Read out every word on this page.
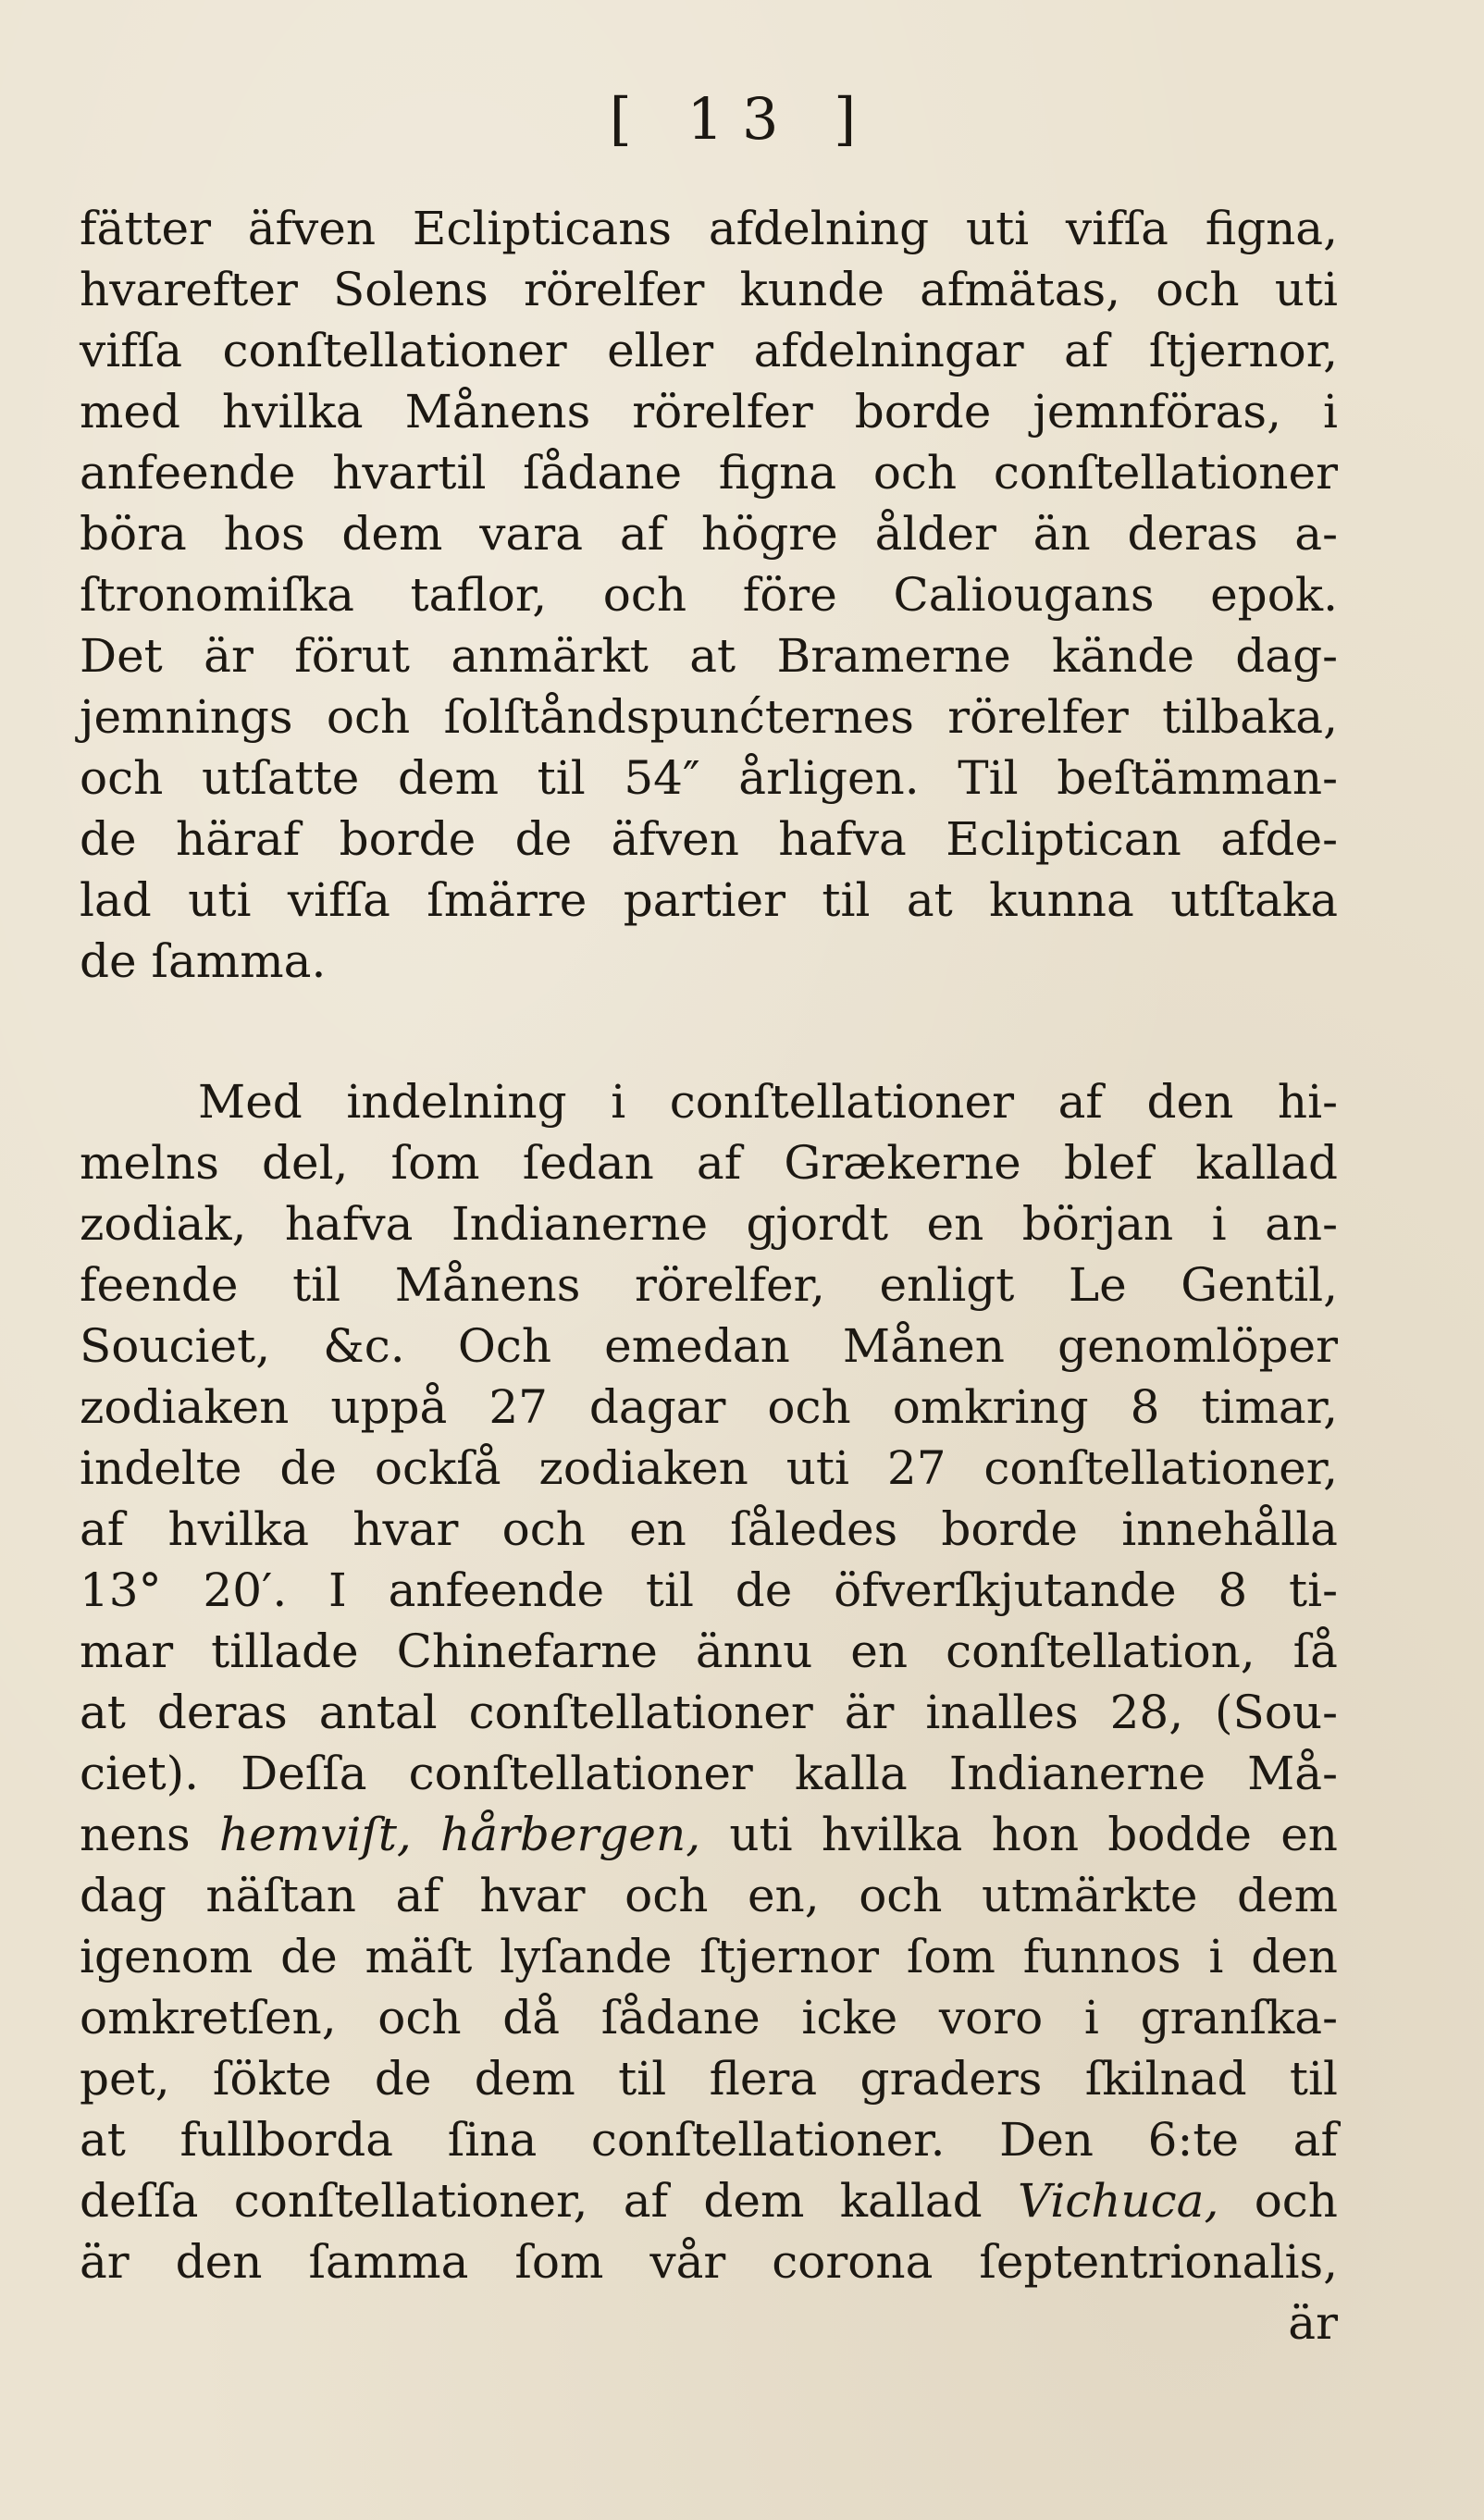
[ 13 ]
fätter äfven Eclipticans afdelning uti vifſa figna,
hvarefter Solens rörelfer kunde afmätas, och uti
vifſa conſtellationer eller afdelningar af ſtjernor,
med hvilka Månens rörelfer borde jemnföras, i
anfeende hvartil ſådane figna och conſtellationer
böra hos dem vara af högre ålder än deras a-
ſtronomiſka taflor, och före Caliougans epok.
Det är förut anmärkt at Bramerne kände dag-
jemnings och ſolſtåndspunćternes rörelfer tilbaka,
och utſatte dem til 54″ årligen. Til beſtämman-
de häraf borde de äfven hafva Ecliptican afde-
lad uti vifſa ſmärre partier til at kunna utſtaka
de ſamma.
Med indelning i conſtellationer af den hi-
melns del, ſom ſedan af Grækerne blef kallad
zodiak, hafva Indianerne gjordt en början i an-
feende til Månens rörelfer, enligt Le Gentil,
Souciet, &c. Och emedan Månen genomlöper
zodiaken uppå 27 dagar och omkring 8 timar,
indelte de ockſå zodiaken uti 27 conſtellationer,
af hvilka hvar och en ſåledes borde innehålla
13° 20′. I anfeende til de öfverſkjutande 8 ti-
mar tillade Chinefarne ännu en conſtellation, ſå
at deras antal conſtellationer är inalles 28, (Sou-
ciet). Deſſa conſtellationer kalla Indianerne Må-
nens hemviſt, hårbergen, uti hvilka hon bodde en
dag näſtan af hvar och en, och utmärkte dem
igenom de mäſt lyſande ſtjernor ſom funnos i den
omkretſen, och då ſådane icke voro i granſka-
pet, ſökte de dem til flera graders ſkilnad til
at fullborda ſina conſtellationer. Den 6:te af
deſſa conſtellationer, af dem kallad Vichuca, och
är den ſamma ſom vår corona ſeptentrionalis,
är
